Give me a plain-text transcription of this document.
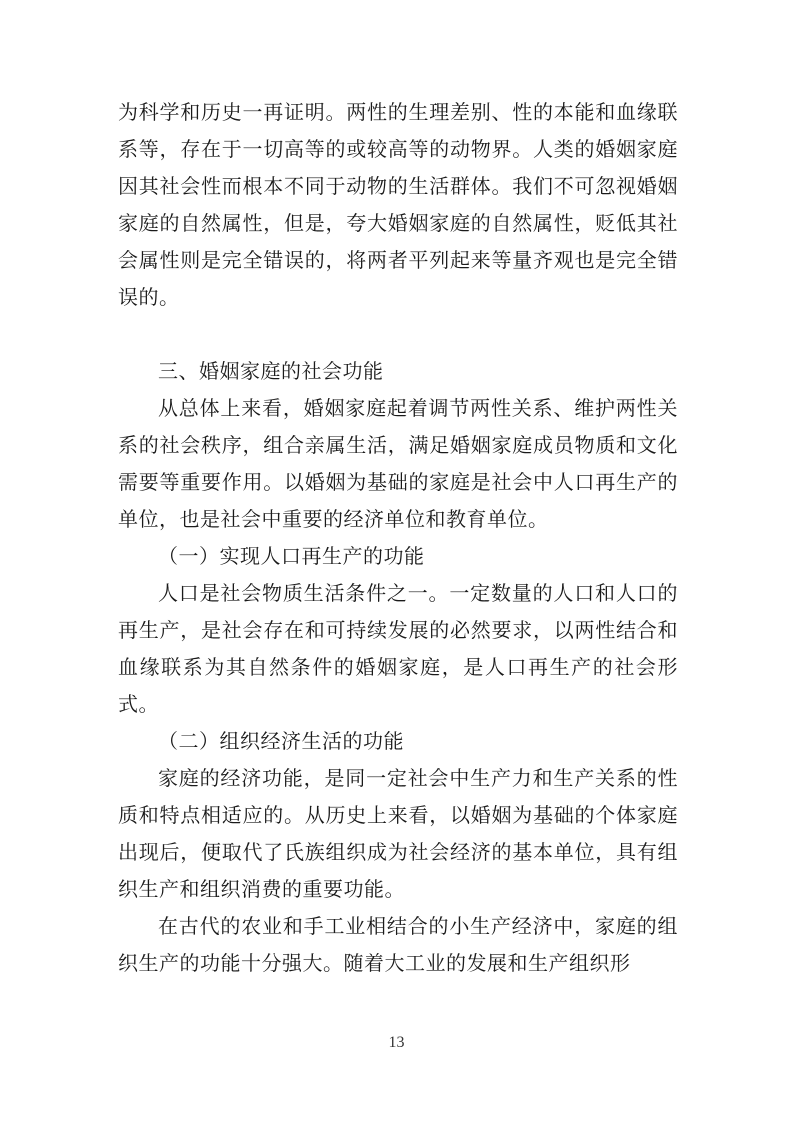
为科学和历史一再证明。两性的生理差别、性的本能和血缘联系等，存在于一切高等的或较高等的动物界。人类的婚姻家庭因其社会性而根本不同于动物的生活群体。我们不可忽视婚姻家庭的自然属性，但是，夸大婚姻家庭的自然属性，贬低其社会属性则是完全错误的，将两者平列起来等量齐观也是完全错误的。

三、婚姻家庭的社会功能

从总体上来看，婚姻家庭起着调节两性关系、维护两性关系的社会秩序，组合亲属生活，满足婚姻家庭成员物质和文化需要等重要作用。以婚姻为基础的家庭是社会中人口再生产的单位，也是社会中重要的经济单位和教育单位。

（一）实现人口再生产的功能

人口是社会物质生活条件之一。一定数量的人口和人口的再生产，是社会存在和可持续发展的必然要求，以两性结合和血缘联系为其自然条件的婚姻家庭，是人口再生产的社会形式。

（二）组织经济生活的功能

家庭的经济功能，是同一定社会中生产力和生产关系的性质和特点相适应的。从历史上来看，以婚姻为基础的个体家庭出现后，便取代了氏族组织成为社会经济的基本单位，具有组织生产和组织消费的重要功能。

在古代的农业和手工业相结合的小生产经济中，家庭的组织生产的功能十分强大。随着大工业的发展和生产组织形

13
